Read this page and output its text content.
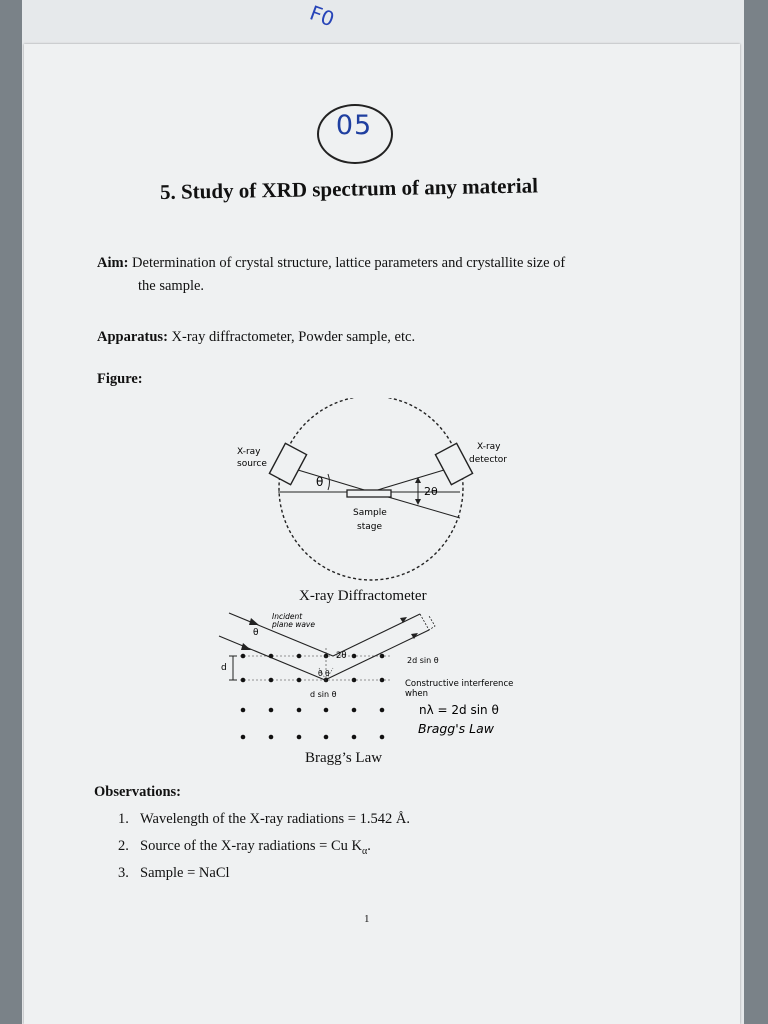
F0
05
5. Study of XRD spectrum of any material
Aim: Determination of crystal structure, lattice parameters and crystallite size of
the sample.
Apparatus: X-ray diffractometer, Powder sample, etc.
Figure:
X-ray
source
X-ray
detector
θ
2θ
Sample
stage
X-ray Diffractometer
Incident
plane wave
θ
2θ
θ θ
d
d sin θ
2d sin θ
Constructive interference
when
nλ = 2d sin θ
Bragg's Law
Bragg’s Law
Observations:
1. Wavelength of the X-ray radiations = 1.542 Å.
2. Source of the X-ray radiations = Cu $K_\alpha$.
3. Sample = NaCl
1
